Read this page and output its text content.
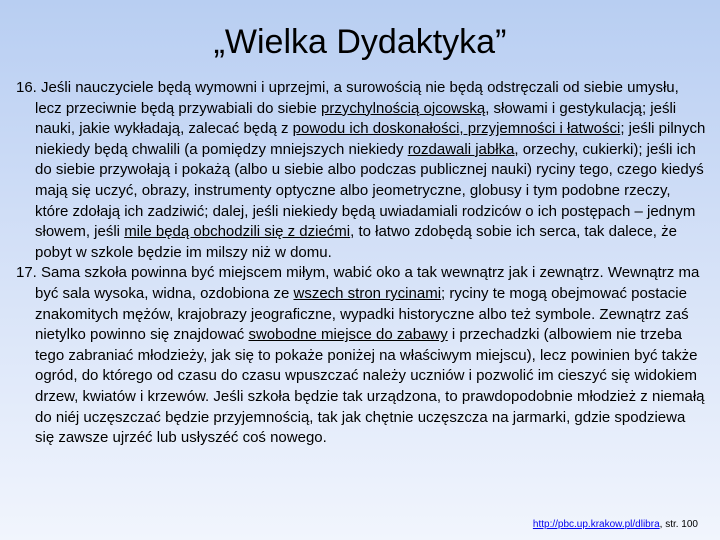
„Wielka Dydaktyka”

16. Jeśli nauczyciele będą wymowni i uprzejmi, a surowością nie będą odstręczali od siebie umysłu, lecz przeciwnie będą przywabiali do siebie przychylnością ojcowską, słowami i gestykulacją; jeśli nauki, jakie wykładają, zalecać będą z powodu ich doskonałości, przyjemności i łatwości; jeśli pilnych niekiedy będą chwalili (a pomiędzy mniejszych niekiedy rozdawali jabłka, orzechy, cukierki); jeśli ich do siebie przywołają i pokażą (albo u siebie albo podczas publicznej nauki) ryciny tego, czego kiedyś mają się uczyć, obrazy, instrumenty optyczne albo jeometryczne, globusy i tym podobne rzeczy, które zdołają ich zadziwić; dalej, jeśli niekiedy będą uwiadamiali rodziców o ich postępach – jednym słowem, jeśli mile będą obchodzili się z dziećmi, to łatwo zdobędą sobie ich serca, tak dalece, że pobyt w szkole będzie im milszy niż w domu.

17. Sama szkoła powinna być miejscem miłym, wabić oko a tak wewnątrz jak i zewnątrz. Wewnątrz ma być sala wysoka, widna, ozdobiona ze wszech stron rycinami; ryciny te mogą obejmować postacie znakomitych mężów, krajobrazy jeograficzne, wypadki historyczne albo też symbole. Zewnątrz zaś nietylko powinno się znajdować swobodne miejsce do zabawy i przechadzki (albowiem nie trzeba tego zabraniać młodzieży, jak się to pokaże poniżej na właściwym miejscu), lecz powinien być także ogród, do którego od czasu do czasu wpuszczać należy uczniów i pozwolić im cieszyć się widokiem drzew, kwiatów i krzewów. Jeśli szkoła będzie tak urządzona, to prawdopodobnie młodzież z niemałą do niéj uczęszczać będzie przyjemnością, tak jak chętnie uczęszcza na jarmarki, gdzie spodziewa się zawsze ujrzéć lub usłyszéć coś nowego.

http://pbc.up.krakow.pl/dlibra, str. 100
